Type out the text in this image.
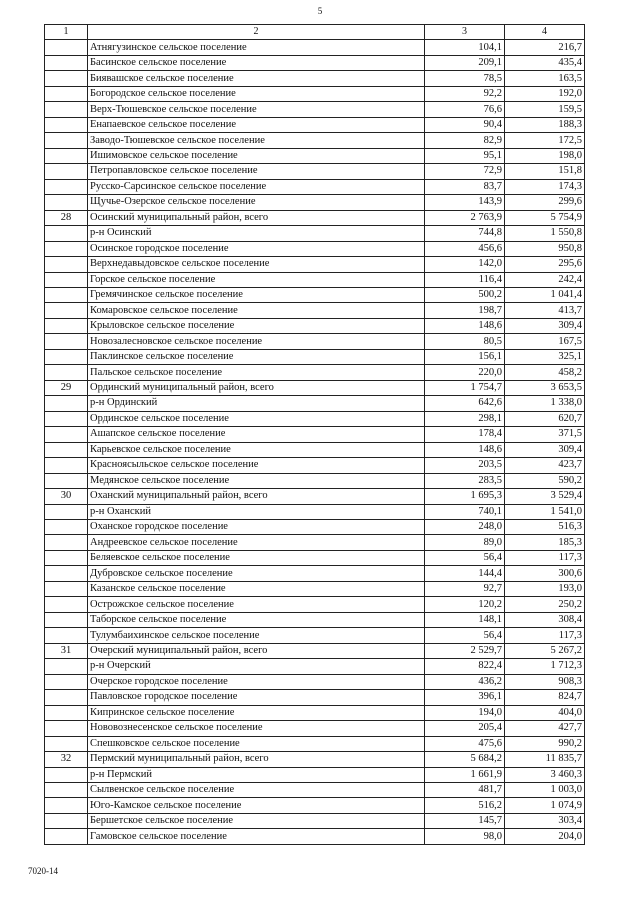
5
1	2	3	4
	Атнягузинское сельское поселение	104,1	216,7
	Басинское сельское поселение	209,1	435,4
	Биявашское сельское поселение	78,5	163,5
	Богородское сельское поселение	92,2	192,0
	Верх-Тюшевское сельское поселение	76,6	159,5
	Енапаевское сельское поселение	90,4	188,3
	Заводо-Тюшевское сельское поселение	82,9	172,5
	Ишимовское сельское поселение	95,1	198,0
	Петропавловское сельское поселение	72,9	151,8
	Русско-Сарсинское сельское поселение	83,7	174,3
	Щучье-Озерское сельское поселение	143,9	299,6
28	Осинский муниципальный район, всего	2 763,9	5 754,9
	р-н Осинский	744,8	1 550,8
	Осинское городское поселение	456,6	950,8
	Верхнедавыдовское сельское поселение	142,0	295,6
	Горское сельское поселение	116,4	242,4
	Гремячинское сельское поселение	500,2	1 041,4
	Комаровское сельское поселение	198,7	413,7
	Крыловское сельское поселение	148,6	309,4
	Новозалесновское сельское поселение	80,5	167,5
	Паклинское сельское поселение	156,1	325,1
	Пальское сельское поселение	220,0	458,2
29	Ординский муниципальный район, всего	1 754,7	3 653,5
	р-н Ординский	642,6	1 338,0
	Ординское сельское поселение	298,1	620,7
	Ашапское сельское поселение	178,4	371,5
	Карьевское сельское поселение	148,6	309,4
	Красноясыльское сельское поселение	203,5	423,7
	Медянское сельское поселение	283,5	590,2
30	Оханский муниципальный район, всего	1 695,3	3 529,4
	р-н Оханский	740,1	1 541,0
	Оханское городское поселение	248,0	516,3
	Андреевское сельское поселение	89,0	185,3
	Беляевское сельское поселение	56,4	117,3
	Дубровское сельское поселение	144,4	300,6
	Казанское сельское поселение	92,7	193,0
	Острожское сельское поселение	120,2	250,2
	Таборское сельское поселение	148,1	308,4
	Тулумбаихинское сельское поселение	56,4	117,3
31	Очерский муниципальный район, всего	2 529,7	5 267,2
	р-н Очерский	822,4	1 712,3
	Очерское городское поселение	436,2	908,3
	Павловское городское поселение	396,1	824,7
	Кипринское сельское поселение	194,0	404,0
	Нововознесенское сельское поселение	205,4	427,7
	Спешковское сельское поселение	475,6	990,2
32	Пермский муниципальный район, всего	5 684,2	11 835,7
	р-н Пермский	1 661,9	3 460,3
	Сылвенское сельское поселение	481,7	1 003,0
	Юго-Камское сельское поселение	516,2	1 074,9
	Бершетское сельское поселение	145,7	303,4
	Гамовское сельское поселение	98,0	204,0
7020-14
